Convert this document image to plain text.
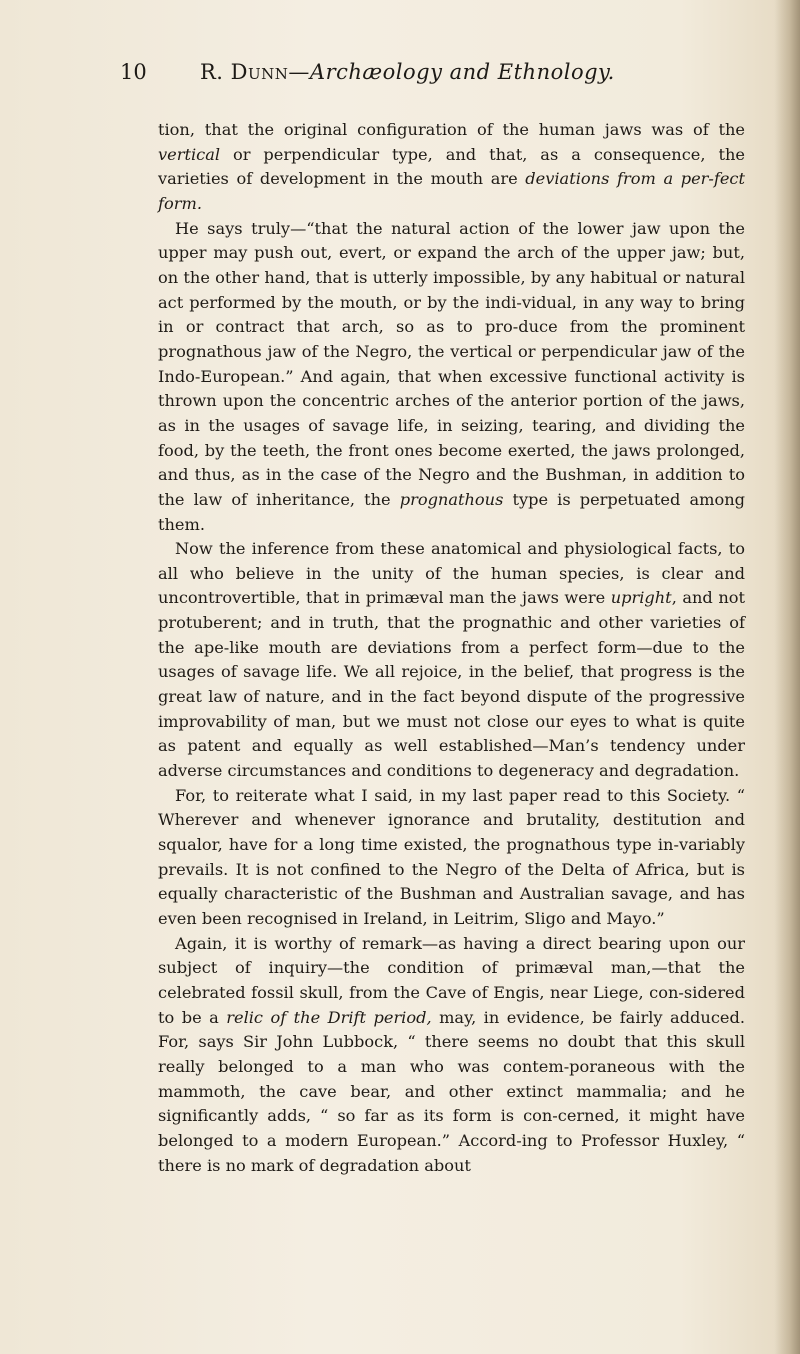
10	R. Dunn—Archæology and Ethnology.

tion, that the original configuration of the human jaws was of the vertical or perpendicular type, and that, as a consequence, the varieties of development in the mouth are deviations from a per-fect form.

He says truly—“that the natural action of the lower jaw upon the upper may push out, evert, or expand the arch of the upper jaw; but, on the other hand, that is utterly impossible, by any habitual or natural act performed by the mouth, or by the indi-vidual, in any way to bring in or contract that arch, so as to pro-duce from the prominent prognathous jaw of the Negro, the vertical or perpendicular jaw of the Indo-European.” And again, that when excessive functional activity is thrown upon the concentric arches of the anterior portion of the jaws, as in the usages of savage life, in seizing, tearing, and dividing the food, by the teeth, the front ones become exerted, the jaws prolonged, and thus, as in the case of the Negro and the Bushman, in addition to the law of inheritance, the prognathous type is perpetuated among them.

Now the inference from these anatomical and physiological facts, to all who believe in the unity of the human species, is clear and uncontrovertible, that in primæval man the jaws were upright, and not protuberent; and in truth, that the prognathic and other varieties of the ape-like mouth are deviations from a perfect form—due to the usages of savage life. We all rejoice, in the belief, that progress is the great law of nature, and in the fact beyond dispute of the progressive improvability of man, but we must not close our eyes to what is quite as patent and equally as well established—Man’s tendency under adverse circumstances and conditions to degeneracy and degradation.

For, to reiterate what I said, in my last paper read to this Society. “ Wherever and whenever ignorance and brutality, destitution and squalor, have for a long time existed, the prognathous type in-variably prevails. It is not confined to the Negro of the Delta of Africa, but is equally characteristic of the Bushman and Australian savage, and has even been recognised in Ireland, in Leitrim, Sligo and Mayo.”

Again, it is worthy of remark—as having a direct bearing upon our subject of inquiry—the condition of primæval man,—that the celebrated fossil skull, from the Cave of Engis, near Liege, con-sidered to be a relic of the Drift period, may, in evidence, be fairly adduced. For, says Sir John Lubbock, “ there seems no doubt that this skull really belonged to a man who was contem-poraneous with the mammoth, the cave bear, and other extinct mammalia; and he significantly adds, “ so far as its form is con-cerned, it might have belonged to a modern European.” Accord-ing to Professor Huxley, “ there is no mark of degradation about
